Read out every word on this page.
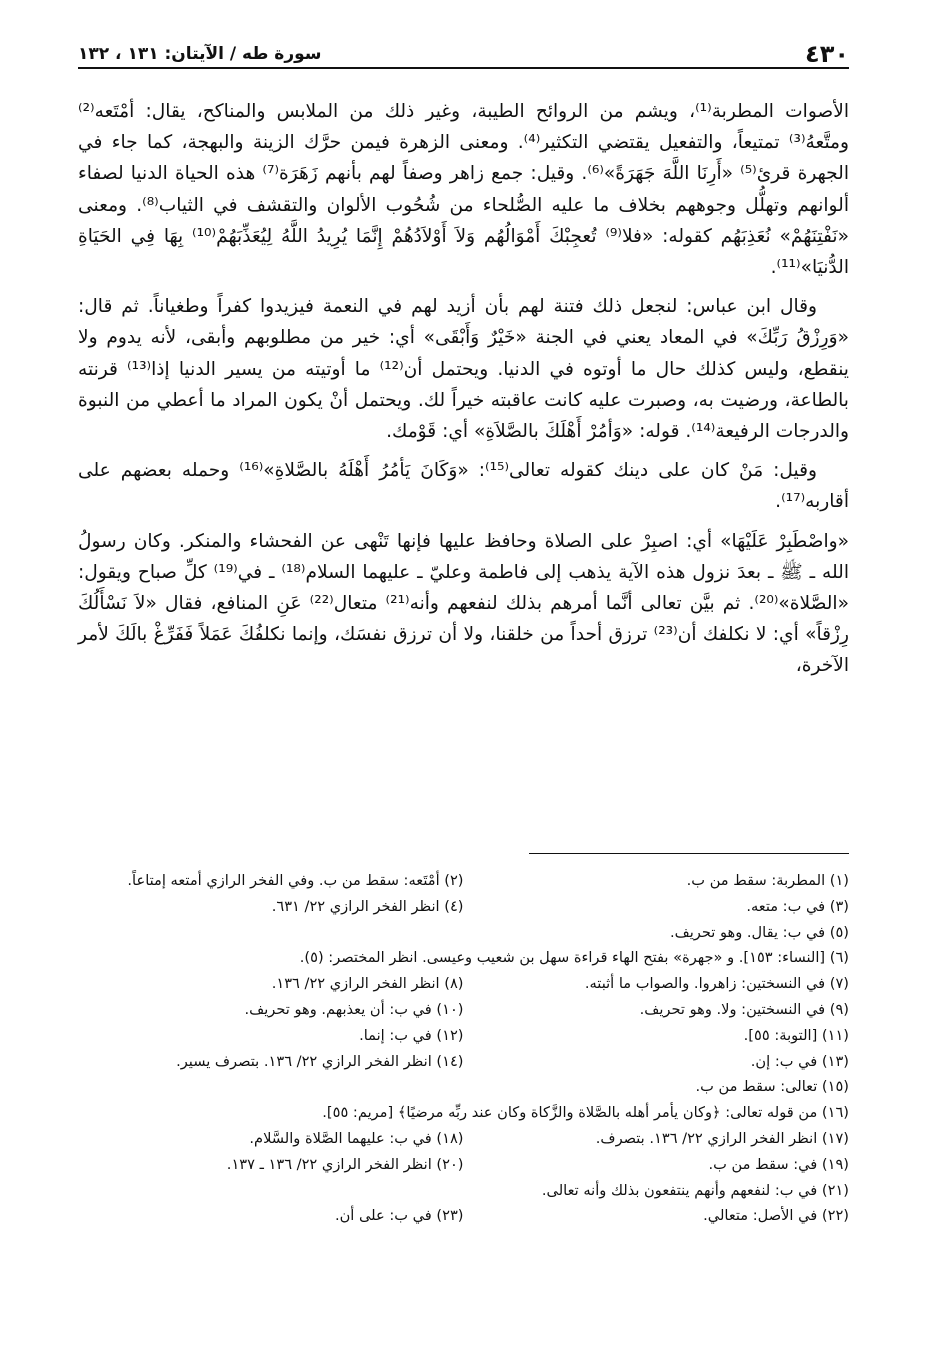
٤٣٠
سورة طه / الآيتان: ١٣١ ، ١٣٢

الأصوات المطربة⁽¹⁾، ويشم من الروائح الطيبة، وغير ذلك من الملابس والمناكح، يقال: أمْتَعه⁽²⁾ ومتَّعهُ⁽³⁾ تمتيعاً، والتفعيل يقتضي التكثير⁽⁴⁾. ومعنى الزهرة فيمن حرَّك الزينة والبهجة، كما جاء في الجهرة قرئ⁽⁵⁾ «أَرِنَا اللَّهَ جَهَرَةً»⁽⁶⁾. وقيل: جمع زاهر وصفاً لهم بأنهم زَهَرَة⁽⁷⁾ هذه الحياة الدنيا لصفاء ألوانهم وتهلُّل وجوههم بخلاف ما عليه الصُّلحاء من شُحُوب الألوان والتقشف في الثياب⁽⁸⁾. ومعنى «نَفْتِنَهُمْ» نُعَذِبَهُم كقوله: «فلا⁽⁹⁾ تُعجِبْكَ أَمْوَالُهُم وَلاَ أَوْلاَدُهُمْ إِنَّمَا يُرِيدُ اللَّهُ لِيُعَذِّبَهُمْ⁽¹⁰⁾ بِهَا فِي الحَيَاةِ الدُّنيَا»⁽¹¹⁾.

وقال ابن عباس: لنجعل ذلك فتنة لهم بأن أزيد لهم في النعمة فيزيدوا كفراً وطغياناً. ثم قال: «وَرِزْقُ رَبِّكَ» في المعاد يعني في الجنة «خَيْرٌ وَأَبْقَى» أي: خير من مطلوبهم وأبقى، لأنه يدوم ولا ينقطع، وليس كذلك حال ما أوتوه في الدنيا. ويحتمل أن⁽¹²⁾ ما أوتيته من يسير الدنيا إذا⁽¹³⁾ قرنته بالطاعة، ورضيت به، وصبرت عليه كانت عاقبته خيراً لك. ويحتمل أنْ يكون المراد ما أعطي من النبوة والدرجات الرفيعة⁽¹⁴⁾. قوله: «وَأمُرْ أَهْلَكَ بالصَّلاَةِ» أي: قَوْمك.

وقيل: مَنْ كان على دينك كقوله تعالى⁽¹⁵⁾: «وَكَانَ يَأمُرُ أَهْلَهُ بالصَّلاةِ»⁽¹⁶⁾ وحمله بعضهم على أقاربه⁽¹⁷⁾.

«واصْطَبِرْ عَلَيْهَا» أي: اصبِرْ على الصلاة وحافظ عليها فإنها تَنْهى عن الفحشاء والمنكر. وكان رسولُ الله ـ ﷺ ـ بعدَ نزول هذه الآية يذهب إلى فاطمة وعليّ ـ عليهما السلام⁽¹⁸⁾ ـ في⁽¹⁹⁾ كلِّ صباح ويقول: «الصَّلاة»⁽²⁰⁾. ثم بيَّن تعالى أنَّما أمرهم بذلك لنفعهم وأنه⁽²¹⁾ متعال⁽²²⁾ عَنِ المنافع، فقال «لاَ نَسْأَلُكَ رِزْقاً» أي: لا نكلفك أن⁽²³⁾ ترزق أحداً من خلقنا، ولا أن ترزق نفسَك، وإنما نكلفُكَ عَمَلاً فَفَرِّغْ بالَكَ لأمر الآخرة،

(١) المطربة: سقط من ب.
(٢) أمْتَعه: سقط من ب. وفي الفخر الرازي أمتعه إمتاعاً.
(٣) في ب: متعه.
(٤) انظر الفخر الرازي ٢٢/ ٦٣١.
(٥) في ب: يقال. وهو تحريف.
(٦) [النساء: ١٥٣]. و «جهرة» بفتح الهاء قراءة سهل بن شعيب وعيسى. انظر المختصر: (٥).
(٧) في النسختين: زاهروا. والصواب ما أثبته.
(٨) انظر الفخر الرازي ٢٢/ ١٣٦.
(٩) في النسختين: ولا. وهو تحريف.
(١٠) في ب: أن يعذبهم. وهو تحريف.
(١١) [التوبة: ٥٥].
(١٢) في ب: إنما.
(١٣) في ب: إن.
(١٤) انظر الفخر الرازي ٢٢/ ١٣٦. بتصرف يسير.
(١٥) تعالى: سقط من ب.
(١٦) من قوله تعالى: ﴿وكان يأمر أهله بالصَّلاة والزَّكاة وكان عند ربِّه مرضيًا﴾ [مريم: ٥٥].
(١٧) انظر الفخر الرازي ٢٢/ ١٣٦. بتصرف.
(١٨) في ب: عليهما الصَّلاة والسَّلام.
(١٩) في: سقط من ب.
(٢٠) انظر الفخر الرازي ٢٢/ ١٣٦ ـ ١٣٧.
(٢١) في ب: لنفعهم وأنهم ينتفعون بذلك وأنه تعالى.
(٢٢) في الأصل: متعالي.
(٢٣) في ب: على أن.
